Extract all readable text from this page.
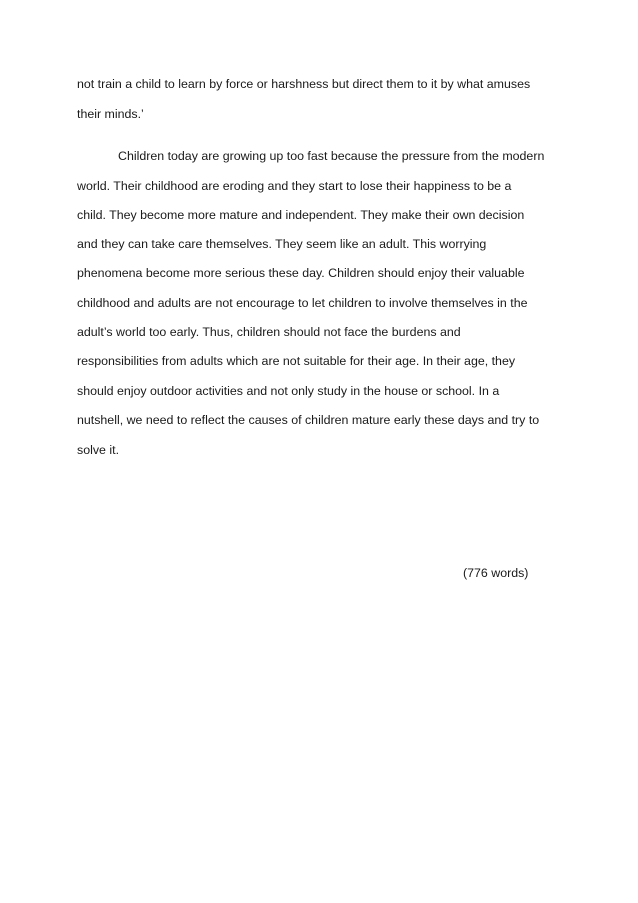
not train a child to learn by force or harshness but direct them to it by what amuses
their minds.’
Children today are growing up too fast because the pressure from the modern
world. Their childhood are eroding and they start to lose their happiness to be a
child. They become more mature and independent. They make their own decision
and they can take care themselves. They seem like an adult. This worrying
phenomena become more serious these day. Children should enjoy their valuable
childhood and adults are not encourage to let children to involve themselves in the
adult’s world too early. Thus, children should not face the burdens and
responsibilities from adults which are not suitable for their age. In their age, they
should enjoy outdoor activities and not only study in the house or school. In a
nutshell, we need to reflect the causes of children mature early these days and try to
solve it.
(776 words)
